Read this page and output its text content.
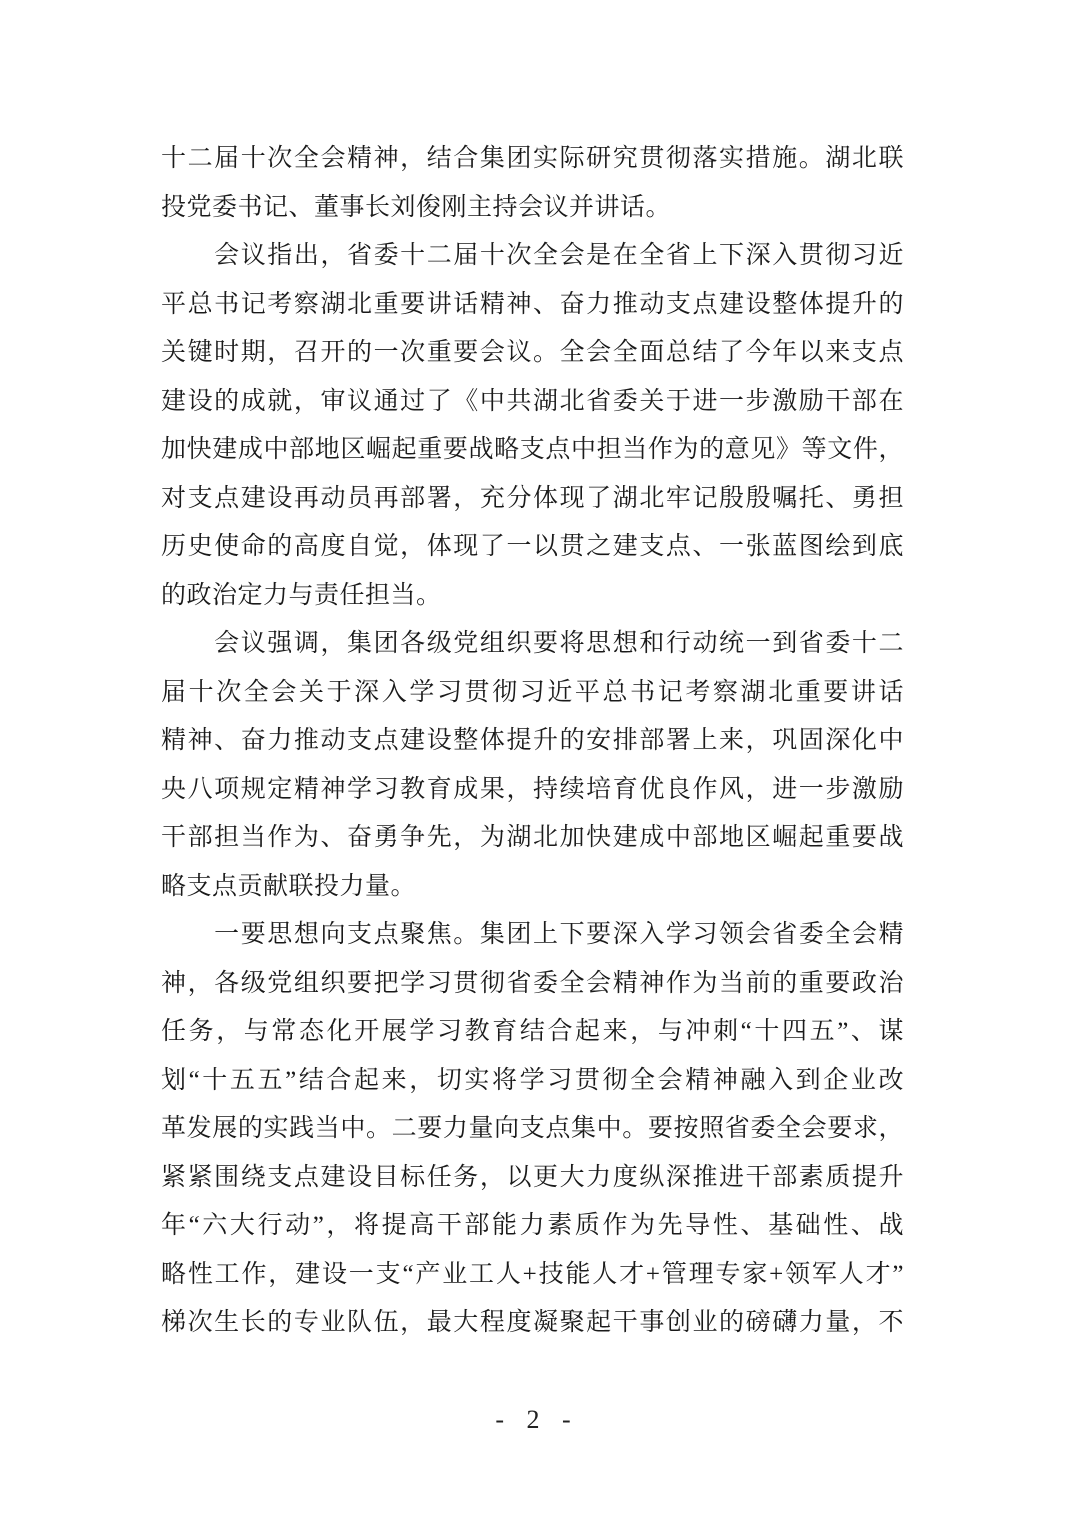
十二届十次全会精神，结合集团实际研究贯彻落实措施。湖北联
投党委书记、董事长刘俊刚主持会议并讲话。
　　会议指出，省委十二届十次全会是在全省上下深入贯彻习近
平总书记考察湖北重要讲话精神、奋力推动支点建设整体提升的
关键时期，召开的一次重要会议。全会全面总结了今年以来支点
建设的成就，审议通过了《中共湖北省委关于进一步激励干部在
加快建成中部地区崛起重要战略支点中担当作为的意见》等文件，
对支点建设再动员再部署，充分体现了湖北牢记殷殷嘱托、勇担
历史使命的高度自觉，体现了一以贯之建支点、一张蓝图绘到底
的政治定力与责任担当。
　　会议强调，集团各级党组织要将思想和行动统一到省委十二
届十次全会关于深入学习贯彻习近平总书记考察湖北重要讲话
精神、奋力推动支点建设整体提升的安排部署上来，巩固深化中
央八项规定精神学习教育成果，持续培育优良作风，进一步激励
干部担当作为、奋勇争先，为湖北加快建成中部地区崛起重要战
略支点贡献联投力量。
　　一要思想向支点聚焦。集团上下要深入学习领会省委全会精
神，各级党组织要把学习贯彻省委全会精神作为当前的重要政治
任务，与常态化开展学习教育结合起来，与冲刺“十四五”、谋
划“十五五”结合起来，切实将学习贯彻全会精神融入到企业改
革发展的实践当中。二要力量向支点集中。要按照省委全会要求，
紧紧围绕支点建设目标任务，以更大力度纵深推进干部素质提升
年“六大行动”，将提高干部能力素质作为先导性、基础性、战
略性工作，建设一支“产业工人+技能人才+管理专家+领军人才”
梯次生长的专业队伍，最大程度凝聚起干事创业的磅礴力量，不
- 2 -
